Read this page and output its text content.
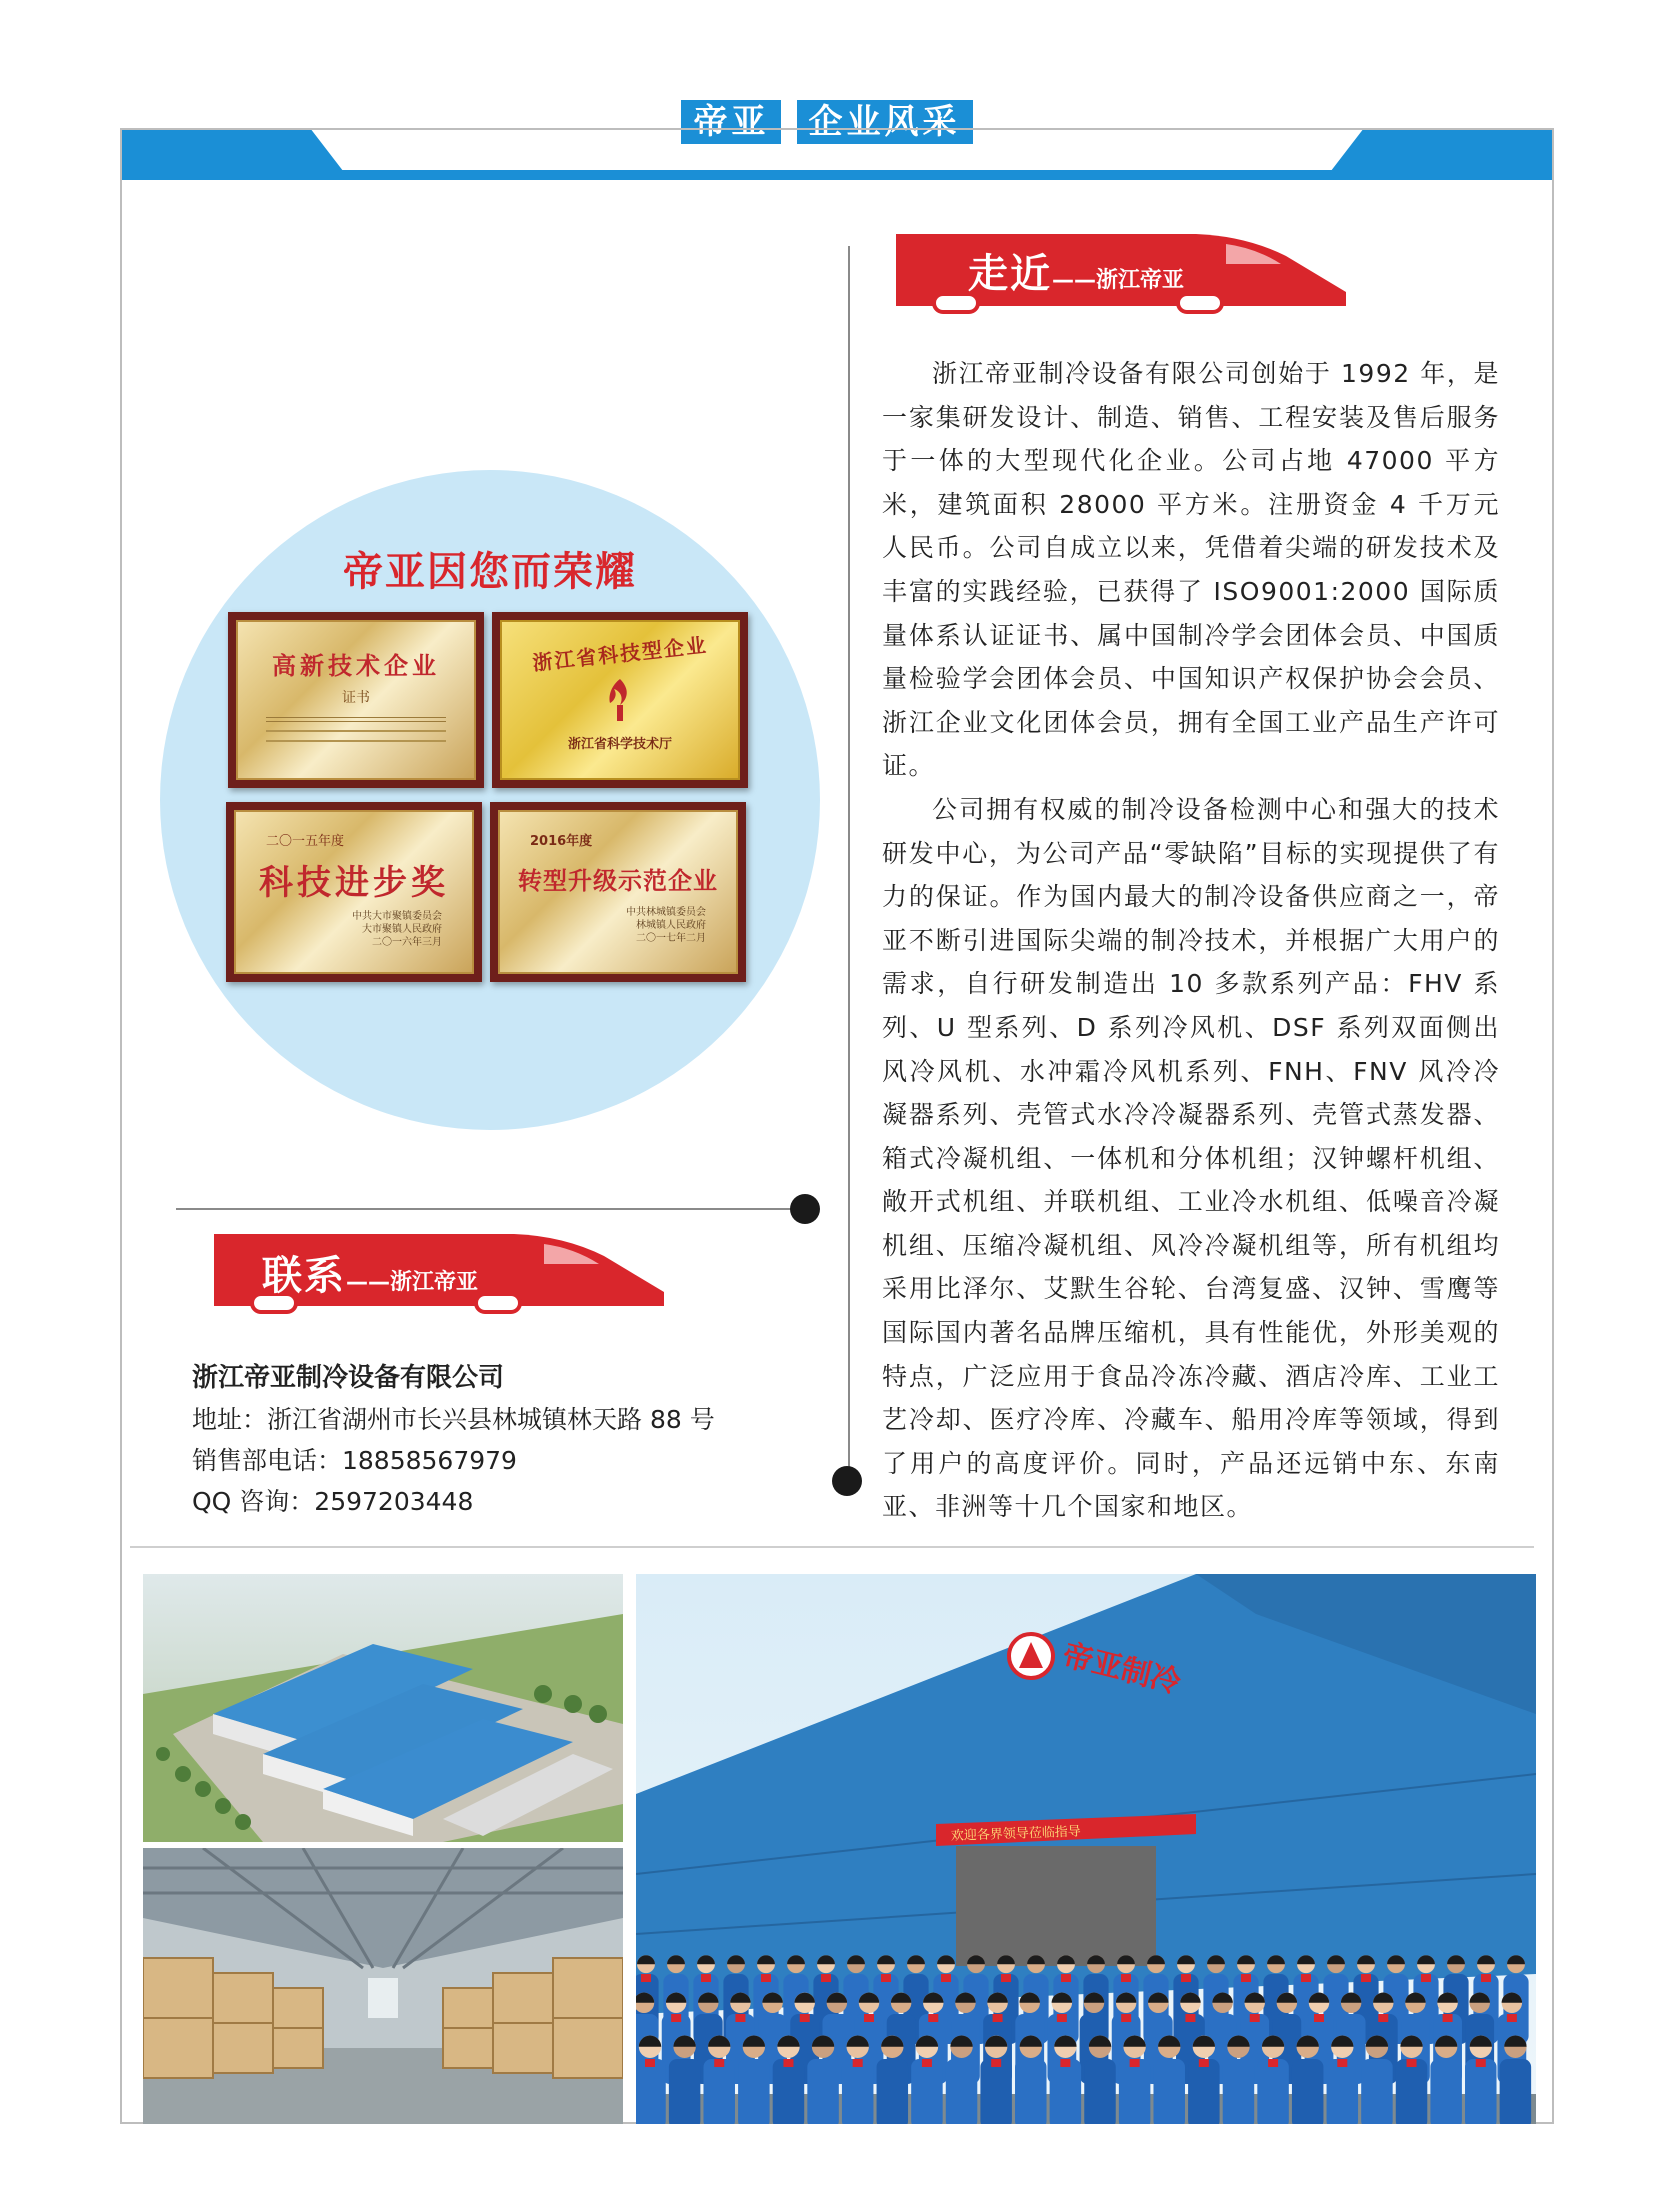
帝亚 企业风采
走近——浙江帝亚

浙江帝亚制冷设备有限公司创始于 1992 年，是一家集研发设计、制造、销售、工程安装及售后服务于一体的大型现代化企业。公司占地 47000 平方米，建筑面积 28000 平方米。注册资金 4 千万元人民币。公司自成立以来，凭借着尖端的研发技术及丰富的实践经验，已获得了 ISO9001:2000 国际质量体系认证证书、属中国制冷学会团体会员、中国质量检验学会团体会员、中国知识产权保护协会会员、浙江企业文化团体会员，拥有全国工业产品生产许可证。

公司拥有权威的制冷设备检测中心和强大的技术研发中心，为公司产品“零缺陷”目标的实现提供了有力的保证。作为国内最大的制冷设备供应商之一，帝亚不断引进国际尖端的制冷技术，并根据广大用户的需求，自行研发制造出 10 多款系列产品：FHV 系列、U 型系列、D 系列冷风机、DSF 系列双面侧出风冷风机、水冲霜冷风机系列、FNH、FNV 风冷冷凝器系列、壳管式水冷冷凝器系列、壳管式蒸发器、箱式冷凝机组、一体机和分体机组；汉钟螺杆机组、敞开式机组、并联机组、工业冷水机组、低噪音冷凝机组、压缩冷凝机组、风冷冷凝机组等，所有机组均采用比泽尔、艾默生谷轮、台湾复盛、汉钟、雪鹰等国际国内著名品牌压缩机，具有性能优，外形美观的特点，广泛应用于食品冷冻冷藏、酒店冷库、工业工艺冷却、医疗冷库、冷藏车、船用冷库等领域，得到了用户的高度评价。同时，产品还远销中东、东南亚、非洲等十几个国家和地区。

帝亚因您而荣耀
高新技术企业
证书
浙江省科技型企业
浙江省科学技术厅
二〇一五年度
科技进步奖
中共大市聚镇委员会
大市聚镇人民政府
二〇一六年三月
2016年度
转型升级示范企业
中共林城镇委员会
林城镇人民政府
二〇一七年二月
联系——浙江帝亚
浙江帝亚制冷设备有限公司
地址：浙江省湖州市长兴县林城镇林天路 88 号
销售部电话：18858567979
QQ 咨询：2597203448
帝亚制冷
欢迎各界领导莅临指导
